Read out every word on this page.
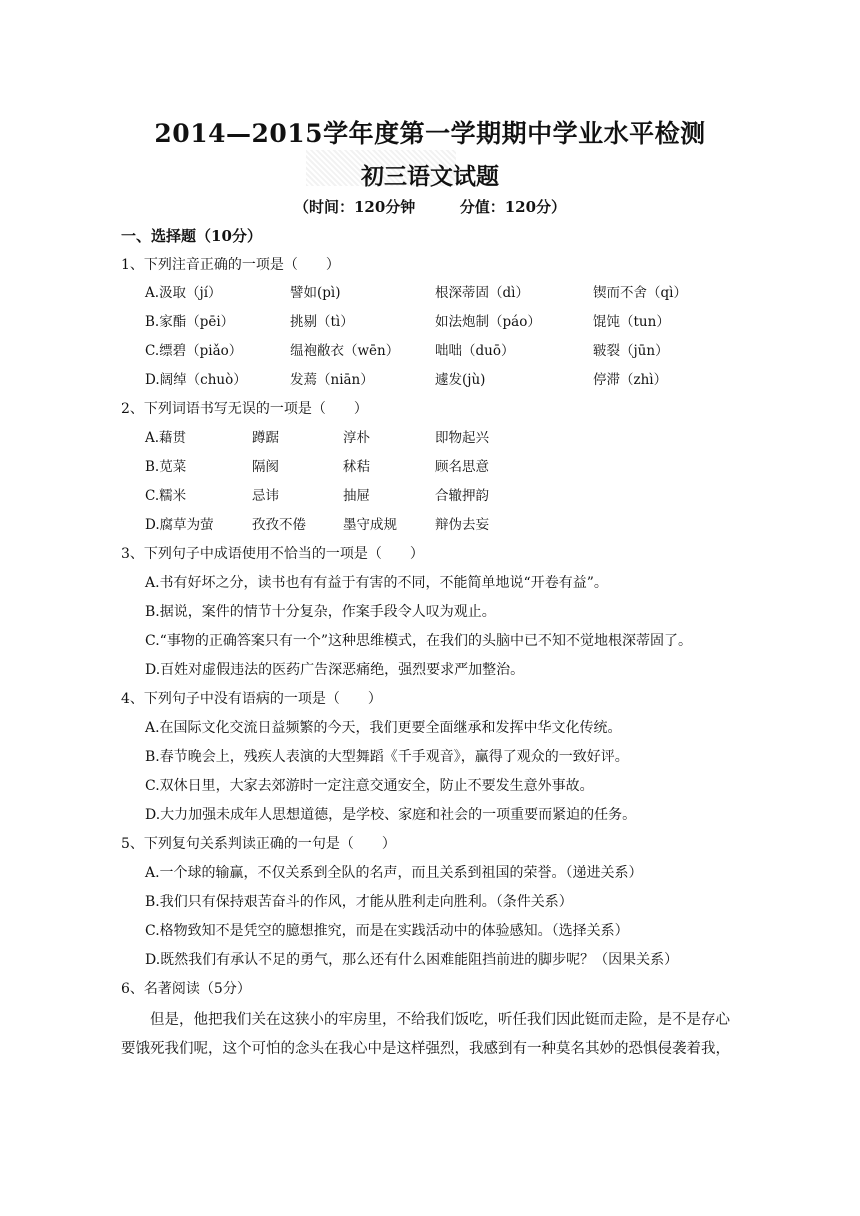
2014—2015学年度第一学期期中学业水平检测
初三语文试题
（时间：120分钟	分值：120分）
一、选择题（10分）
1、下列注音正确的一项是（　　）
A.汲取（jí）	譬如(pì)	根深蒂固（dì）	锲而不舍（qì）
B.家酯（pēi）	挑剔（tì）	如法炮制（páo）	馄饨（tun）
C.缥碧（piǎo）	缊袍敝衣（wēn）	咄咄（duō）	皲裂（jūn）
D.阔绰（chuò）	发蔫（niān）	遽发(jù)	停滞（zhì）
2、下列词语书写无误的一项是（　　）
A.藉贯	蹲踞	淳朴	即物起兴
B.苋菜	隔阂	秫秸	顾名思意
C.糯米	忌讳	抽屉	合辙押韵
D.腐草为萤	孜孜不倦	墨守成规	辩伪去妄
3、下列句子中成语使用不恰当的一项是（　　）
A.书有好坏之分，读书也有有益于有害的不同，不能简单地说“开卷有益”。
B.据说，案件的情节十分复杂，作案手段令人叹为观止。
C.“事物的正确答案只有一个”这种思维模式，在我们的头脑中已不知不觉地根深蒂固了。
D.百姓对虚假违法的医药广告深恶痛绝，强烈要求严加整治。
4、下列句子中没有语病的一项是（　　）
A.在国际文化交流日益频繁的今天，我们更要全面继承和发挥中华文化传统。
B.春节晚会上，残疾人表演的大型舞蹈《千手观音》，赢得了观众的一致好评。
C.双休日里，大家去郊游时一定注意交通安全，防止不要发生意外事故。
D.大力加强未成年人思想道德，是学校、家庭和社会的一项重要而紧迫的任务。
5、下列复句关系判读正确的一句是（　　）
A.一个球的输赢，不仅关系到全队的名声，而且关系到祖国的荣誉。（递进关系）
B.我们只有保持艰苦奋斗的作风，才能从胜利走向胜利。（条件关系）
C.格物致知不是凭空的臆想推究，而是在实践活动中的体验感知。（选择关系）
D.既然我们有承认不足的勇气，那么还有什么困难能阻挡前进的脚步呢？（因果关系）
6、名著阅读（5分）
但是，他把我们关在这狭小的牢房里，不给我们饭吃，听任我们因此铤而走险，是不是存心要饿死我们呢，这个可怕的念头在我心中是这样强烈，我感到有一种莫名其妙的恐惧侵袭着我，
